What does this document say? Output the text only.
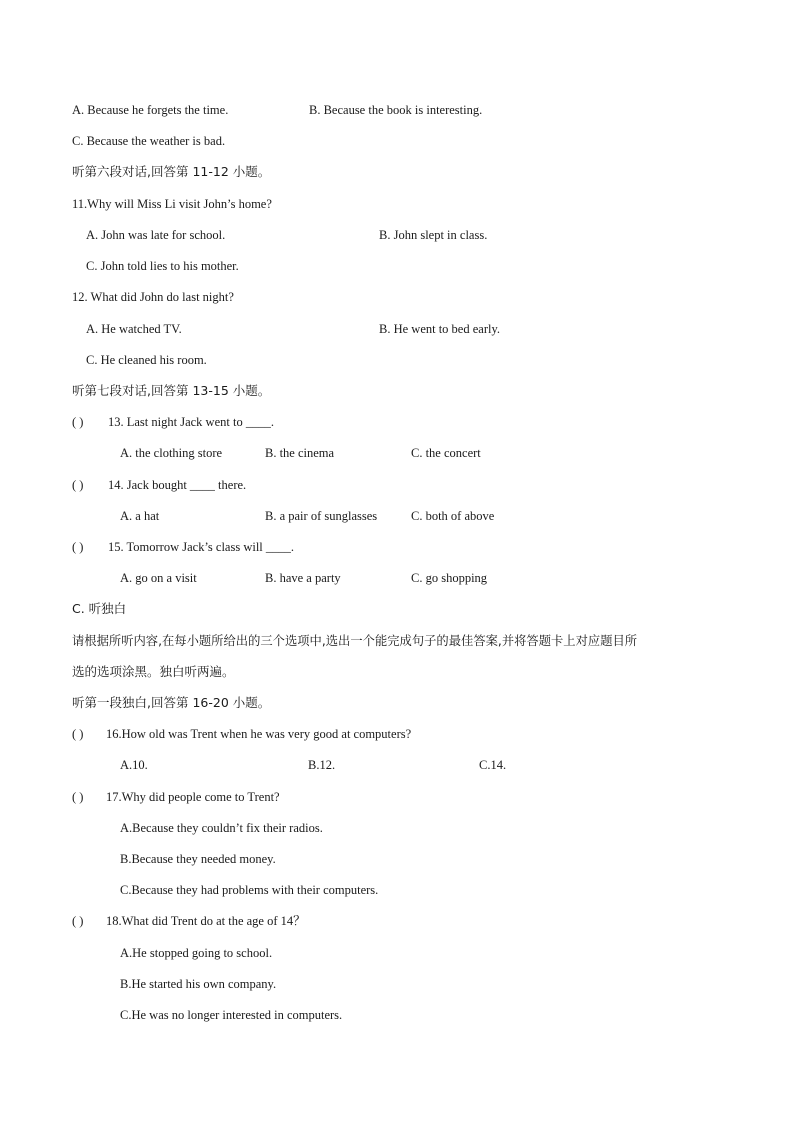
A. Because he forgets the time.	B. Because the book is interesting.
C. Because the weather is bad.
听第六段对话,回答第 11-12 小题。
11.Why will Miss Li visit John’s home?
A. John was late for school.	B. John slept in class.
C. John told lies to his mother.
12. What did John do last night?
A. He watched TV.	B. He went to bed early.
C. He cleaned his room.
听第七段对话,回答第 13-15 小题。
( ) 13. Last night Jack went to ____.
A. the clothing store	B. the cinema	C. the concert
( ) 14. Jack bought ____ there.
A. a hat	B. a pair of sunglasses	C. both of above
( ) 15. Tomorrow Jack’s class will ____.
A. go on a visit	B. have a party	C. go shopping
C. 听独白
请根据所听内容,在每小题所给出的三个选项中,选出一个能完成句子的最佳答案,并将答题卡上对应题目所
选的选项涂黑。独白听两遍。
听第一段独白,回答第 16-20 小题。
( ) 16.How old was Trent when he was very good at computers?
A.10.	B.12.	C.14.
( ) 17.Why did people come to Trent?
A.Because they couldn’t fix their radios.
B.Because they needed money.
C.Because they had problems with their computers.
( ) 18.What did Trent do at the age of 14？
A.He stopped going to school.
B.He started his own company.
C.He was no longer interested in computers.
